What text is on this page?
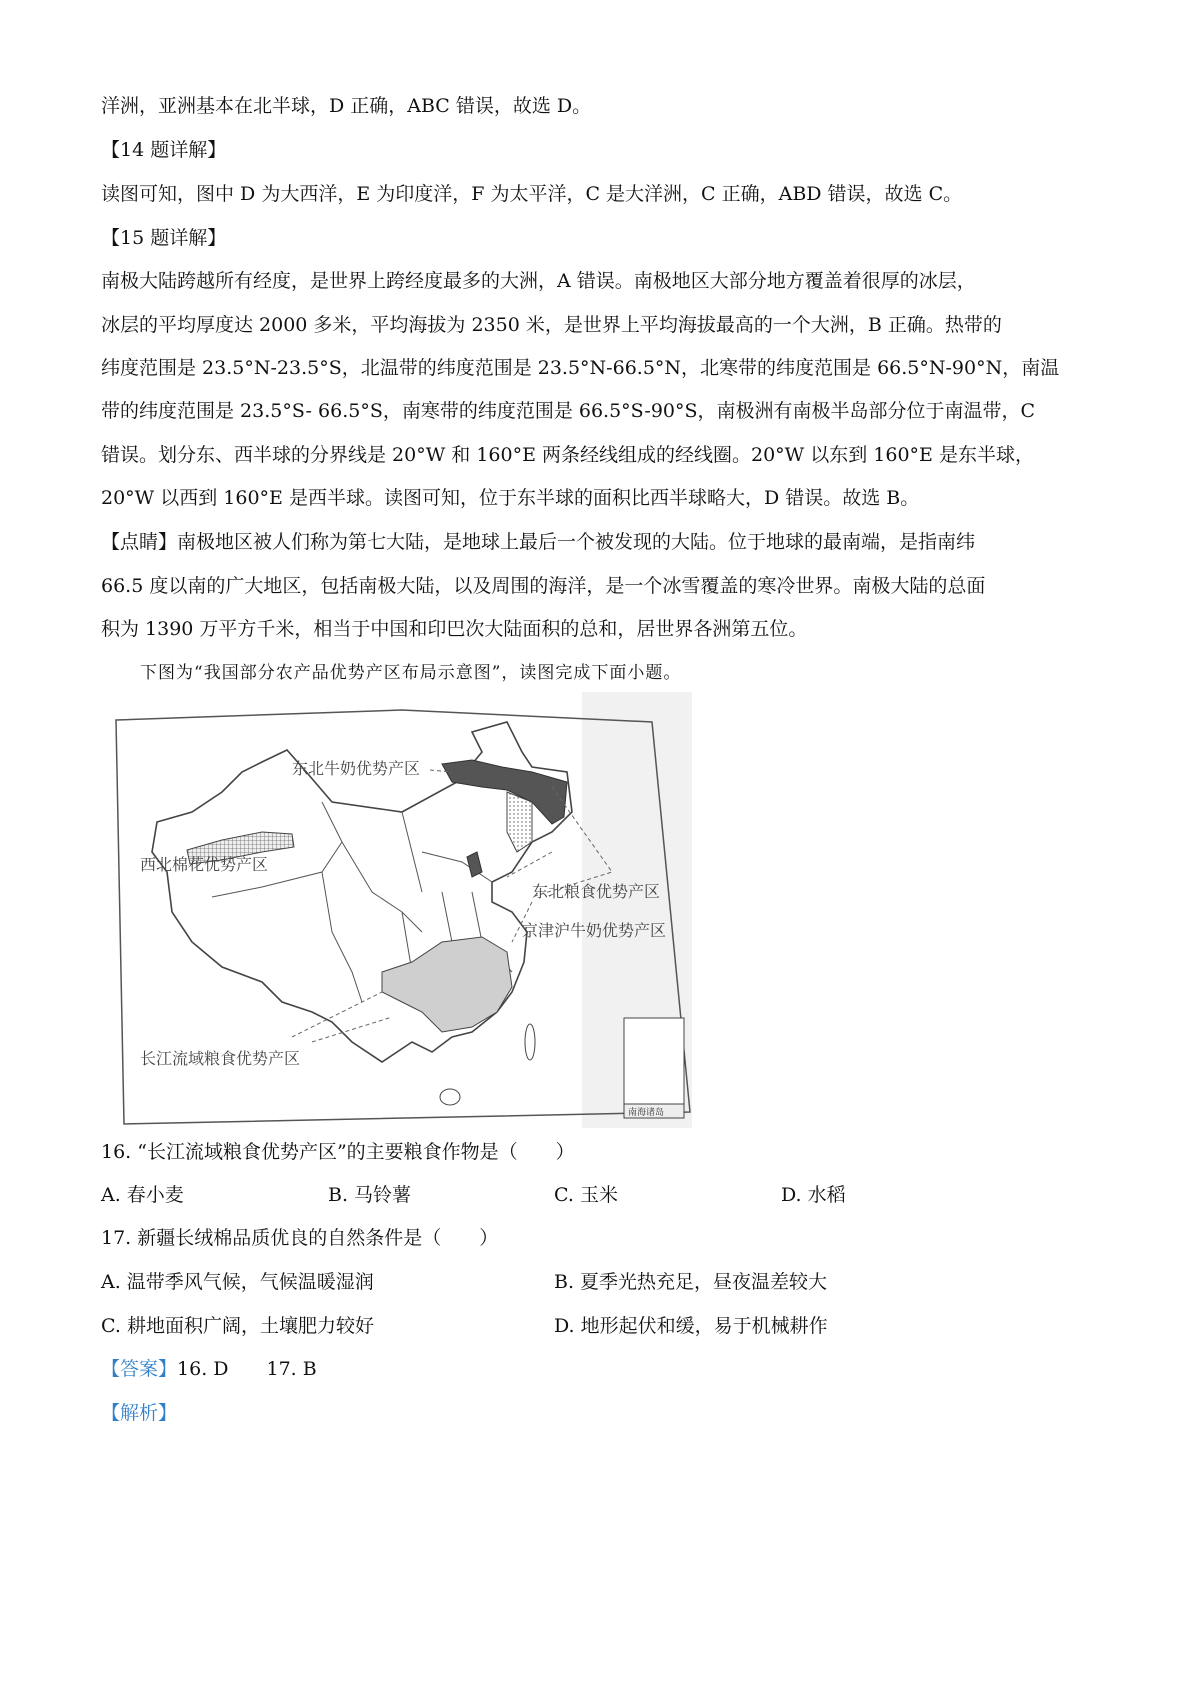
洋洲，亚洲基本在北半球，D 正确，ABC 错误，故选 D。
【14 题详解】
读图可知，图中 D 为大西洋，E 为印度洋，F 为太平洋，C 是大洋洲，C 正确，ABD 错误，故选 C。
【15 题详解】
南极大陆跨越所有经度，是世界上跨经度最多的大洲，A 错误。南极地区大部分地方覆盖着很厚的冰层，
冰层的平均厚度达 2000 多米，平均海拔为 2350 米，是世界上平均海拔最高的一个大洲，B 正确。热带的
纬度范围是 23.5°N-23.5°S，北温带的纬度范围是 23.5°N-66.5°N，北寒带的纬度范围是 66.5°N-90°N，南温
带的纬度范围是 23.5°S- 66.5°S，南寒带的纬度范围是 66.5°S-90°S，南极洲有南极半岛部分位于南温带，C
错误。划分东、西半球的分界线是 20°W 和 160°E 两条经线组成的经线圈。20°W 以东到 160°E 是东半球，
20°W 以西到 160°E 是西半球。读图可知，位于东半球的面积比西半球略大，D 错误。故选 B。
【点睛】南极地区被人们称为第七大陆，是地球上最后一个被发现的大陆。位于地球的最南端，是指南纬
66.5 度以南的广大地区，包括南极大陆，以及周围的海洋，是一个冰雪覆盖的寒冷世界。南极大陆的总面
积为 1390 万平方千米，相当于中国和印巴次大陆面积的总和，居世界各洲第五位。
下图为“我国部分农产品优势产区布局示意图”，读图完成下面小题。
东北牛奶优势产区
西北棉花优势产区
东北粮食优势产区
京津沪牛奶优势产区
长江流域粮食优势产区
南海诸岛
16. “长江流域粮食优势产区”的主要粮食作物是（　　）
A. 春小麦	B. 马铃薯	C. 玉米	D. 水稻
17. 新疆长绒棉品质优良的自然条件是（　　）
A. 温带季风气候，气候温暖湿润	B. 夏季光热充足，昼夜温差较大
C. 耕地面积广阔，土壤肥力较好	D. 地形起伏和缓，易于机械耕作
【答案】16. D　　17. B
【解析】
